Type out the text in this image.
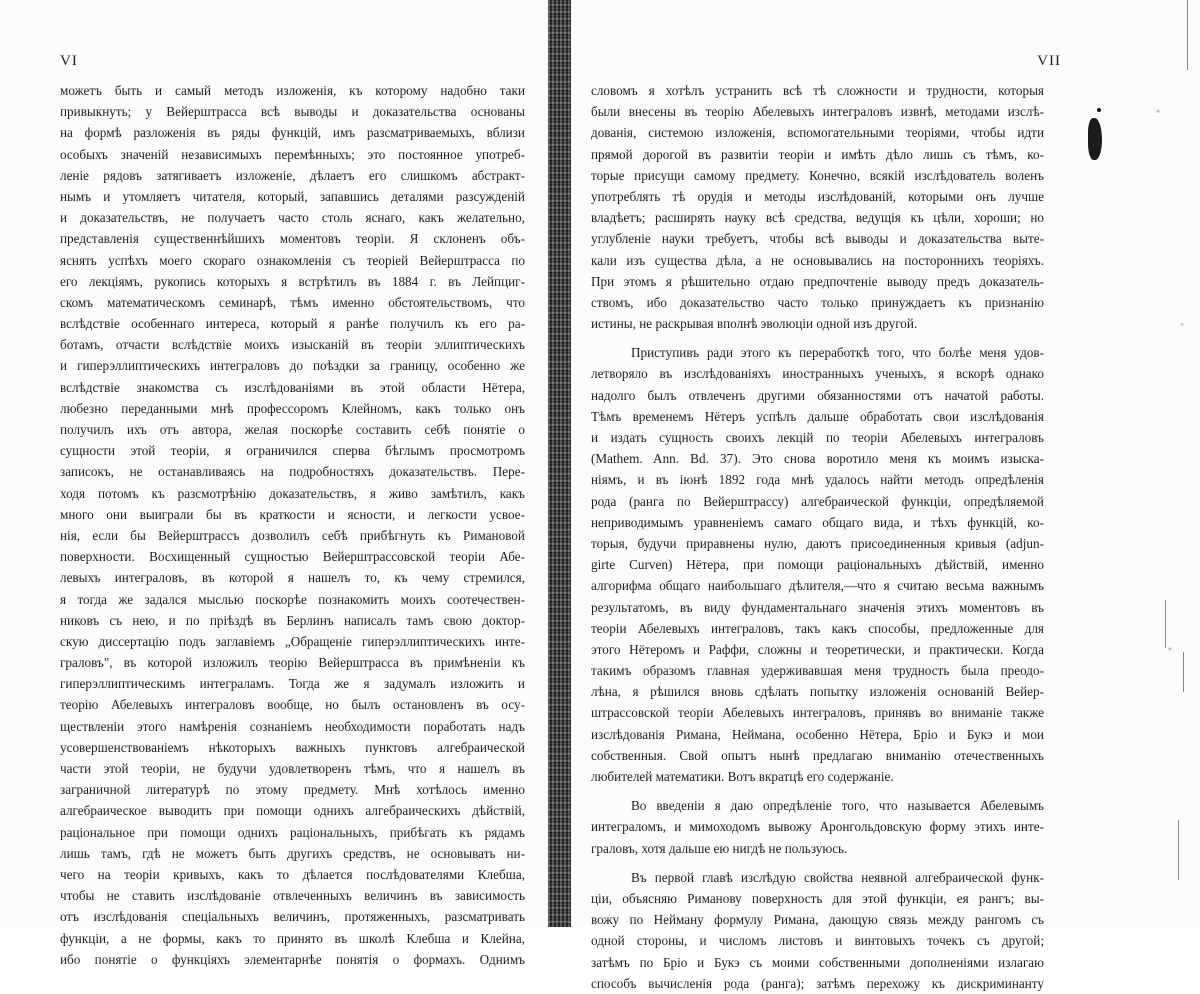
VI
можетъ быть и самый методъ изложенія, къ которому надобно таки
привыкнуть; у Вейерштрасса всѣ выводы и доказательства основаны
на формѣ разложенія въ ряды функцій, имъ разсматриваемыхъ, вблизи
особыхъ значеній независимыхъ перемѣнныхъ; это постоянное употреб-
леніе рядовъ затягиваетъ изложеніе, дѣлаетъ его слишкомъ абстракт-
нымъ и утомляетъ читателя, который, запавшись деталями разсужденій
и доказательствъ, не получаетъ часто столь яснаго, какъ желательно,
представленія существеннѣйшихъ моментовъ теоріи. Я склоненъ объ-
яснять успѣхъ моего скораго ознакомленія съ теоріей Вейерштрасса по
его лекціямъ, рукопись которыхъ я встрѣтилъ въ 1884 г. въ Лейпциг-
скомъ математическомъ семинарѣ, тѣмъ именно обстоятельствомъ, что
вслѣдствіе особеннаго интереса, который я ранѣе получилъ къ его ра-
ботамъ, отчасти вслѣдствіе моихъ изысканій въ теоріи эллиптическихъ
и гиперэллиптическихъ интеграловъ до поѣздки за границу, особенно же
вслѣдствіе знакомства съ изслѣдованіями въ этой области Нётера,
любезно переданными мнѣ профессоромъ Клейномъ, какъ только онъ
получилъ ихъ отъ автора, желая поскорѣе составить себѣ понятіе о
сущности этой теоріи, я ограничился сперва бѣглымъ просмотромъ
записокъ, не останавливаясь на подробностяхъ доказательствъ. Пере-
ходя потомъ къ разсмотрѣнію доказательствъ, я живо замѣтилъ, какъ
много они выиграли бы въ краткости и ясности, и легкости усвое-
нія, если бы Вейерштрассъ дозволилъ себѣ прибѣгнуть къ Римановой
поверхности. Восхищенный сущностью Вейерштрассовской теоріи Абе-
левыхъ интеграловъ, въ которой я нашелъ то, къ чему стремился,
я тогда же задался мыслью поскорѣе познакомить моихъ соотечествен-
никовъ съ нею, и по пріѣздѣ въ Берлинъ написалъ тамъ свою доктор-
скую диссертацію подъ заглавіемъ „Обращеніе гиперэллиптическихъ инте-
граловъ", въ которой изложилъ теорію Вейерштрасса въ примѣненіи къ
гиперэллиптическимъ интеграламъ. Тогда же я задумалъ изложить и
теорію Абелевыхъ интеграловъ вообще, но былъ остановленъ въ осу-
ществленіи этого намѣренія сознаніемъ необходимости поработать надъ
усовершенствованіемъ нѣкоторыхъ важныхъ пунктовъ алгебраической
части этой теоріи, не будучи удовлетворенъ тѣмъ, что я нашелъ въ
заграничной литературѣ по этому предмету. Мнѣ хотѣлось именно
алгебраическое выводить при помощи однихъ алгебраическихъ дѣйствій,
раціональное при помощи однихъ раціональныхъ, прибѣгать къ рядамъ
лишь тамъ, гдѣ не можетъ быть другихъ средствъ, не основывать ни-
чего на теоріи кривыхъ, какъ то дѣлается послѣдователями Клебша,
чтобы не ставить изслѣдованіе отвлеченныхъ величинъ въ зависимость
отъ изслѣдованія спеціальныхъ величинъ, протяженныхъ, разсматривать
функціи, а не формы, какъ то принято въ школѣ Клебша и Клейна,
ибо понятіе о функціяхъ элементарнѣе понятія о формахъ. Однимъ
VII
словомъ я хотѣлъ устранить всѣ тѣ сложности и трудности, которыя
были внесены въ теорію Абелевыхъ интеграловъ извнѣ, методами изслѣ-
дованія, системою изложенія, вспомогательными теоріями, чтобы идти
прямой дорогой въ развитіи теоріи и имѣть дѣло лишь съ тѣмъ, ко-
торые присущи самому предмету. Конечно, всякій изслѣдователь воленъ
употреблять тѣ орудія и методы изслѣдованій, которыми онъ лучше
владѣетъ; расширять науку всѣ средства, ведущія къ цѣли, хороши; но
углубленіе науки требуетъ, чтобы всѣ выводы и доказательства выте-
кали изъ существа дѣла, а не основывались на постороннихъ теоріяхъ.
При этомъ я рѣшительно отдаю предпочтеніе выводу предъ доказатель-
ствомъ, ибо доказательство часто только принуждаетъ къ признанію
истины, не раскрывая вполнѣ эволюціи одной изъ другой.
Приступивъ ради этого къ переработкѣ того, что болѣе меня удов-
летворяло въ изслѣдованіяхъ иностранныхъ ученыхъ, я вскорѣ однако
надолго былъ отвлеченъ другими обязанностями отъ начатой работы.
Тѣмъ временемъ Нётеръ успѣлъ дальше обработать свои изслѣдованія
и издать сущность своихъ лекцій по теоріи Абелевыхъ интеграловъ
(Mathem. Ann. Bd. 37). Это снова воротило меня къ моимъ изыска-
ніямъ, и въ іюнѣ 1892 года мнѣ удалось найти методъ опредѣленія
рода (ранга по Вейерштрассу) алгебраической функціи, опредѣляемой
неприводимымъ уравненіемъ самаго общаго вида, и тѣхъ функцій, ко-
торыя, будучи приравнены нулю, даютъ присоединенныя кривыя (adjun-
girte Curven) Нётера, при помощи раціональныхъ дѣйствій, именно
алгорифма общаго наибольшаго дѣлителя,—что я считаю весьма важнымъ
результатомъ, въ виду фундаментальнаго значенія этихъ моментовъ въ
теоріи Абелевыхъ интеграловъ, такъ какъ способы, предложенные для
этого Нётеромъ и Раффи, сложны и теоретически, и практически. Когда
такимъ образомъ главная удерживавшая меня трудность была преодо-
лѣна, я рѣшился вновь сдѣлать попытку изложенія основаній Вейер-
штрассовской теоріи Абелевыхъ интеграловъ, принявъ во вниманіе также
изслѣдованія Римана, Неймана, особенно Нётера, Бріо и Букэ и мои
собственныя. Свой опытъ нынѣ предлагаю вниманію отечественныхъ
любителей математики. Вотъ вкратцѣ его содержаніе.
Во введеніи я даю опредѣленіе того, что называется Абелевымъ
интеграломъ, и мимоходомъ вывожу Аронгольдовскую форму этихъ инте-
граловъ, хотя дальше ею нигдѣ не пользуюсь.
Въ первой главѣ изслѣдую свойства неявной алгебраической функ-
ціи, объясняю Риманову поверхность для этой функціи, ея рангъ; вы-
вожу по Нейману формулу Римана, дающую связь между рангомъ съ
одной стороны, и числомъ листовъ и винтовыхъ точекъ съ другой;
затѣмъ по Бріо и Букэ съ моими собственными дополненіями излагаю
способъ вычисленія рода (ранга); затѣмъ перехожу къ дискриминанту
